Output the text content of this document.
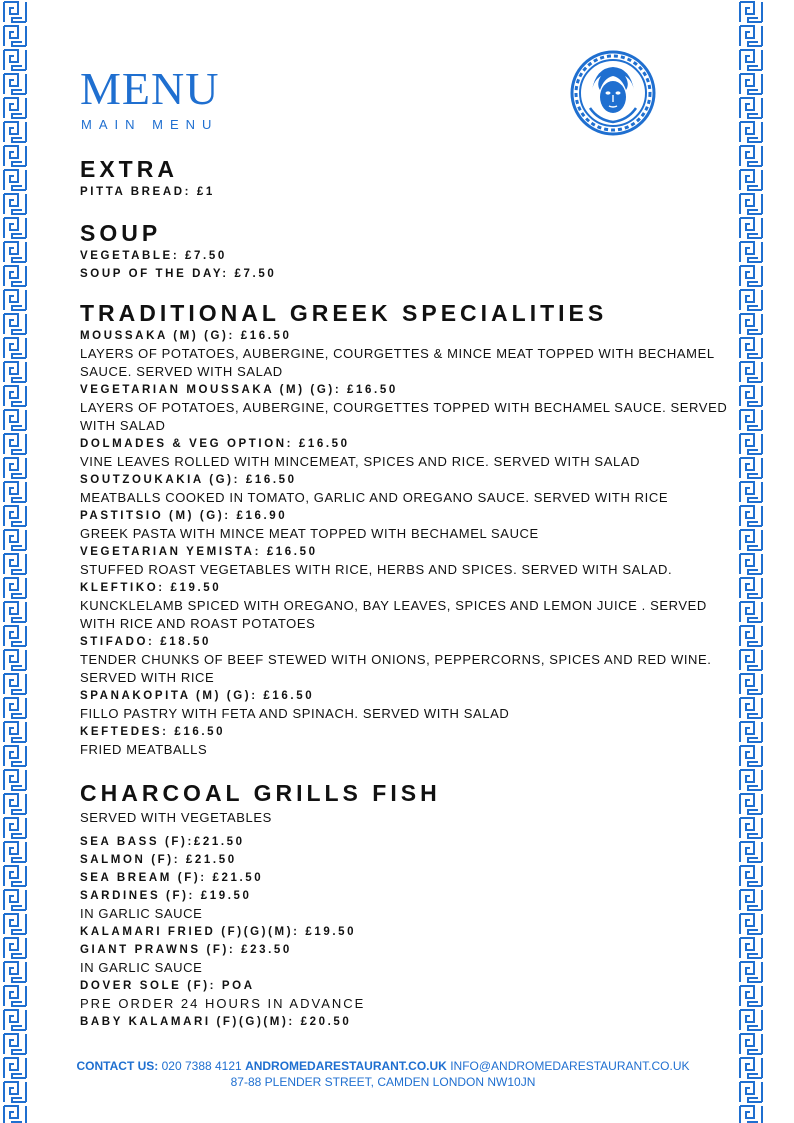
MENU
MAIN MENU
EXTRA
PITTA BREAD: £1
SOUP
VEGETABLE: £7.50
SOUP OF THE DAY: £7.50
TRADITIONAL GREEK SPECIALITIES
MOUSSAKA (M) (G): £16.50
LAYERS OF POTATOES, AUBERGINE, COURGETTES & MINCE MEAT TOPPED WITH BECHAMEL SAUCE. SERVED WITH SALAD
VEGETARIAN MOUSSAKA (M) (G): £16.50
LAYERS OF POTATOES, AUBERGINE, COURGETTES TOPPED WITH BECHAMEL SAUCE. SERVED WITH SALAD
DOLMADES & VEG OPTION: £16.50
VINE LEAVES ROLLED WITH MINCEMEAT, SPICES AND RICE. SERVED WITH SALAD
SOUTZOUKAKIA (G): £16.50
MEATBALLS COOKED IN TOMATO, GARLIC AND OREGANO SAUCE. SERVED WITH RICE
PASTITSIO (M) (G): £16.90
GREEK PASTA WITH MINCE MEAT TOPPED WITH BECHAMEL SAUCE
VEGETARIAN YEMISTA: £16.50
STUFFED ROAST VEGETABLES WITH RICE, HERBS AND SPICES. SERVED WITH SALAD.
KLEFTIKO: £19.50
KUNCKLELAMB SPICED WITH OREGANO, BAY LEAVES, SPICES AND LEMON JUICE . SERVED WITH RICE AND ROAST POTATOES
STIFADO: £18.50
TENDER CHUNKS OF BEEF STEWED WITH ONIONS, PEPPERCORNS, SPICES AND RED WINE. SERVED WITH RICE
SPANAKOPITA (M) (G): £16.50
FILLO PASTRY WITH FETA AND SPINACH. SERVED WITH SALAD
KEFTEDES: £16.50
FRIED MEATBALLS
CHARCOAL GRILLS FISH
SERVED WITH VEGETABLES
SEA BASS (F):£21.50
SALMON (F): £21.50
SEA BREAM (F): £21.50
SARDINES (F): £19.50
IN GARLIC SAUCE
KALAMARI FRIED (F)(G)(M): £19.50
GIANT PRAWNS (F): £23.50
IN GARLIC SAUCE
DOVER SOLE (F): POA
PRE ORDER 24 HOURS IN ADVANCE
BABY KALAMARI (F)(G)(M): £20.50
CONTACT US: 020 7388 4121 ANDROMEDARESTAURANT.CO.UK INFO@ANDROMEDARESTAURANT.CO.UK
87-88 PLENDER STREET, CAMDEN LONDON NW10JN
